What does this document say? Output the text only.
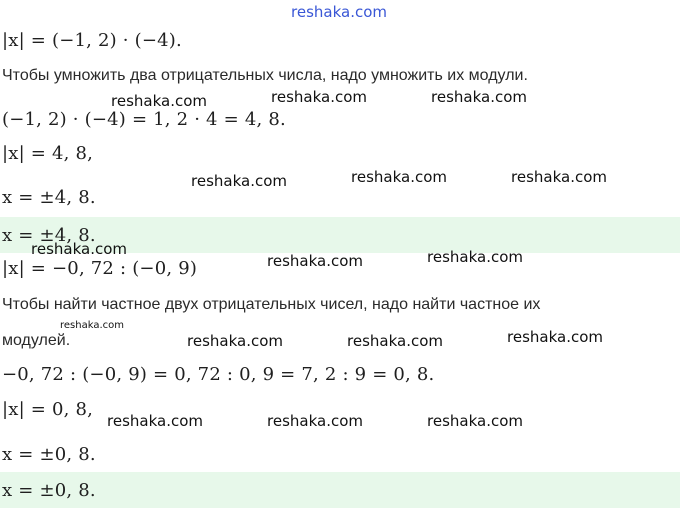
|x| = (−1, 2) · (−4).
Чтобы умножить два отрицательных числа, надо умножить их модули.
(−1, 2) · (−4) = 1, 2 · 4 = 4, 8.
|x| = 4, 8,
x = ±4, 8.
x = ±4, 8.
|x| = −0, 72 : (−0, 9)
Чтобы найти частное двух отрицательных чисел, надо найти частное их
модулей.
−0, 72 : (−0, 9) = 0, 72 : 0, 9 = 7, 2 : 9 = 0, 8.
|x| = 0, 8,
x = ±0, 8.
x = ±0, 8.
reshaka.com
reshaka.com	reshaka.com	reshaka.com
reshaka.com	reshaka.com	reshaka.com
reshaka.com
reshaka.com	reshaka.com
reshaka.com
reshaka.com	reshaka.com	reshaka.com
reshaka.com	reshaka.com	reshaka.com
